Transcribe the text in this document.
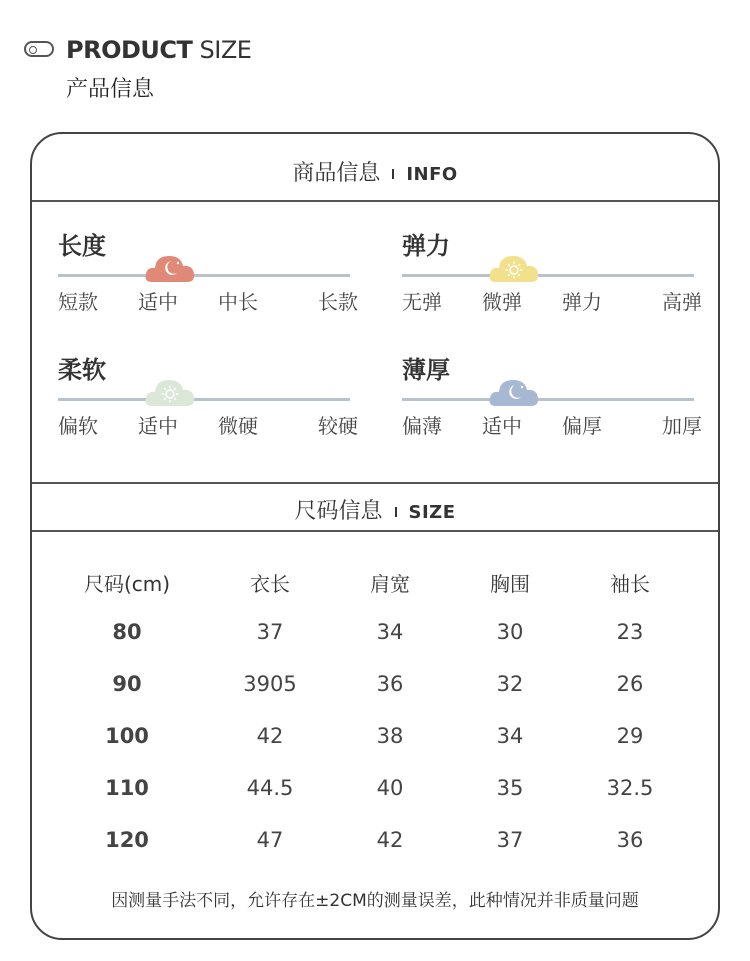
PRODUCT SIZE
产品信息
商品信息 INFO
长度
短款	适中	中长	长款
弹力
无弹	微弹	弹力	高弹
柔软
偏软	适中	微硬	较硬
薄厚
偏薄	适中	偏厚	加厚
尺码信息 SIZE
尺码(cm)	衣长	肩宽	胸围	袖长
80	37	34	30	23
90	3905	36	32	26
100	42	38	34	29
110	44.5	40	35	32.5
120	47	42	37	36
因测量手法不同，允许存在±2CM的测量误差，此种情况并非质量问题
